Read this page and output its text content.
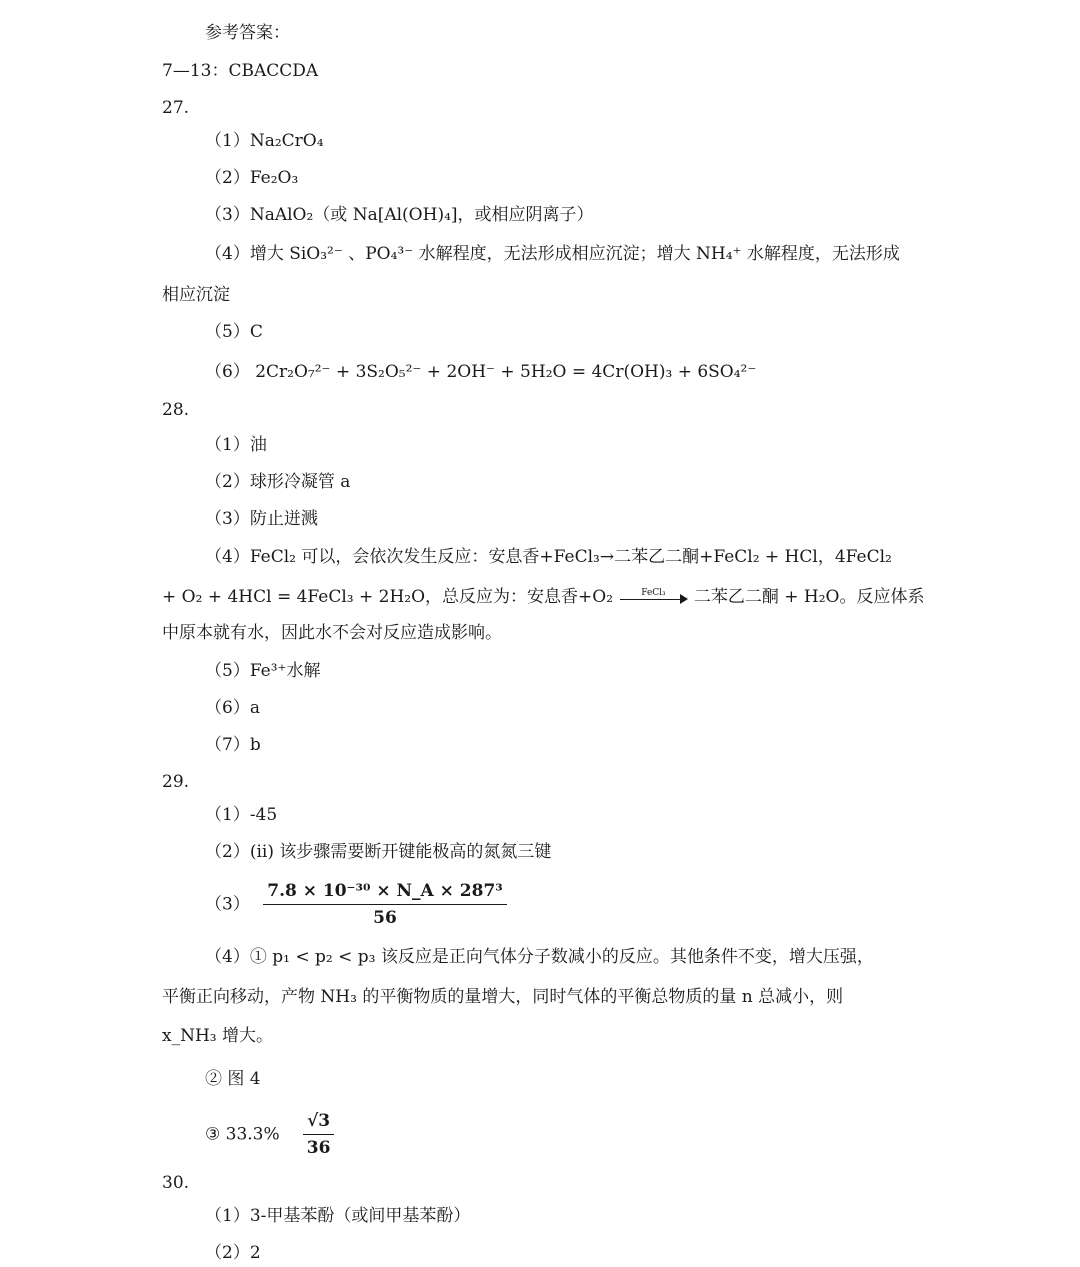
参考答案：
7—13：CBACCDA
27.
（1）Na₂CrO₄
（2）Fe₂O₃
（3）NaAlO₂（或 Na[Al(OH)₄]，或相应阴离子）
（4）增大 SiO₃²⁻ 、PO₄³⁻ 水解程度，无法形成相应沉淀；增大 NH₄⁺ 水解程度，无法形成
相应沉淀
（5）C
（6） 2Cr₂O₇²⁻ + 3S₂O₅²⁻ + 2OH⁻ + 5H₂O = 4Cr(OH)₃ + 6SO₄²⁻
28.
（1）油
（2）球形冷凝管 a
（3）防止迸溅
（4）FeCl₂ 可以，会依次发生反应：安息香+FeCl₃→二苯乙二酮+FeCl₂ + HCl，4FeCl₂
+ O₂ + 4HCl = 4FeCl₃ + 2H₂O，总反应为：安息香+O₂	FeCl₃	二苯乙二酮 + H₂O。反应体系
中原本就有水，因此水不会对反应造成影响。
（5）Fe³⁺水解
（6）a
（7）b
29.
（1）-45
（2）(ii) 该步骤需要断开键能极高的氮氮三键
$(3) \frac{\text{7.8 × 10⁻³⁰ × N\_A × 287³}}{56}$
（4）① p₁ < p₂ < p₃ 该反应是正向气体分子数减小的反应。其他条件不变，增大压强，
平衡正向移动，产物 NH₃ 的平衡物质的量增大，同时气体的平衡总物质的量 n 总减小，则
x_NH₃ 增大。
② 图 4
③ $33.3\% \frac{√3}{36}$
30.
（1）3-甲基苯酚（或间甲基苯酚）
（2）2
